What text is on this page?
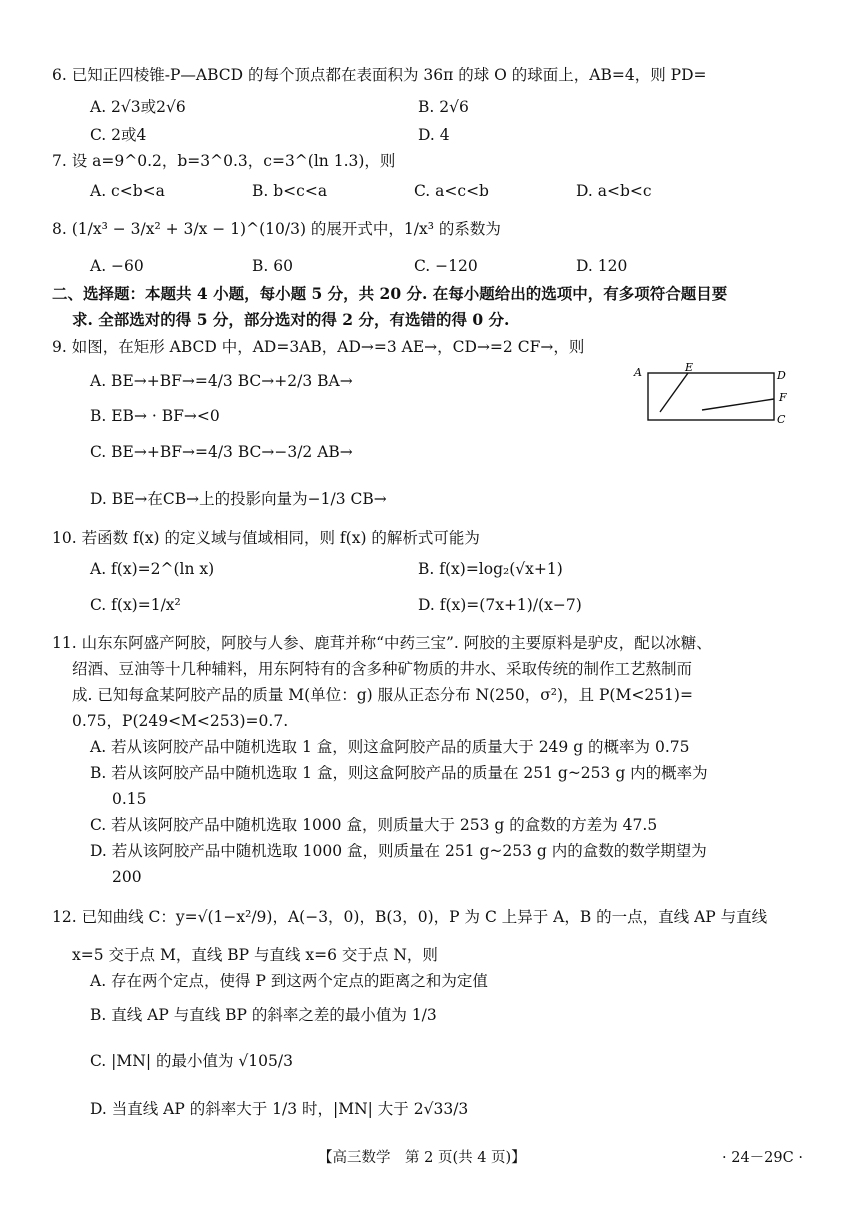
6. 已知正四棱锥-P—ABCD 的每个顶点都在表面积为 36π 的球 O 的球面上，AB=4，则 PD=
A. 2√3或2√6	B. 2√6
C. 2或4	D. 4
7. 设 a=9^0.2，b=3^0.3，c=3^(ln 1.3)，则
A. c<b<a	B. b<c<a	C. a<c<b	D. a<b<c
8. (1/x³ − 3/x² + 3/x − 1)^(10/3) 的展开式中，1/x³ 的系数为
A. −60	B. 60	C. −120	D. 120
二、选择题：本题共 4 小题，每小题 5 分，共 20 分. 在每小题给出的选项中，有多项符合题目要
求. 全部选对的得 5 分，部分选对的得 2 分，有选错的得 0 分.
9. 如图，在矩形 ABCD 中，AD=3AB，AD→=3 AE→，CD→=2 CF→，则
A. BE→+BF→=4/3 BC→+2/3 BA→
B. EB→ · BF→<0
C. BE→+BF→=4/3 BC→−3/2 AB→
D. BE→在CB→上的投影向量为−1/3 CB→
A	E
D
F
C
10. 若函数 f(x) 的定义域与值域相同，则 f(x) 的解析式可能为
A. f(x)=2^(ln x)	B. f(x)=log₂(√x+1)
C. f(x)=1/x²	D. f(x)=(7x+1)/(x−7)
11. 山东东阿盛产阿胶，阿胶与人参、鹿茸并称“中药三宝”. 阿胶的主要原料是驴皮，配以冰糖、
绍酒、豆油等十几种辅料，用东阿特有的含多种矿物质的井水、采取传统的制作工艺熬制而
成. 已知每盒某阿胶产品的质量 M(单位：g) 服从正态分布 N(250，σ²)，且 P(M<251)=
0.75，P(249<M<253)=0.7.
A. 若从该阿胶产品中随机选取 1 盒，则这盒阿胶产品的质量大于 249 g 的概率为 0.75
B. 若从该阿胶产品中随机选取 1 盒，则这盒阿胶产品的质量在 251 g~253 g 内的概率为
0.15
C. 若从该阿胶产品中随机选取 1000 盒，则质量大于 253 g 的盒数的方差为 47.5
D. 若从该阿胶产品中随机选取 1000 盒，则质量在 251 g~253 g 内的盒数的数学期望为
200
12. 已知曲线 C：y=√(1−x²/9)，A(−3，0)，B(3，0)，P 为 C 上异于 A，B 的一点，直线 AP 与直线
x=5 交于点 M，直线 BP 与直线 x=6 交于点 N，则
A. 存在两个定点，使得 P 到这两个定点的距离之和为定值
B. 直线 AP 与直线 BP 的斜率之差的最小值为 1/3
C. |MN| 的最小值为 √105/3
D. 当直线 AP 的斜率大于 1/3 时，|MN| 大于 2√33/3
【高三数学　第 2 页(共 4 页)】	· 24－29C ·
